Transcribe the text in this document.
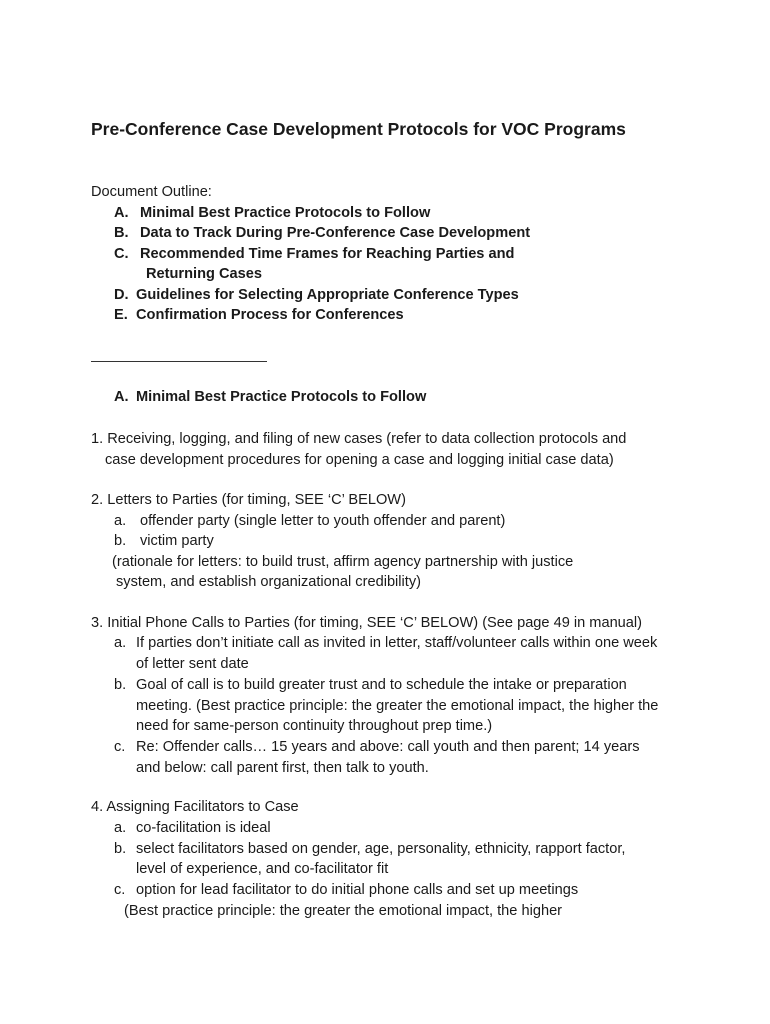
Pre-Conference Case Development Protocols for VOC Programs
Document Outline:
A. Minimal Best Practice Protocols to Follow
B. Data to Track During Pre-Conference Case Development
C. Recommended Time Frames for Reaching Parties and
Returning Cases
D. Guidelines for Selecting Appropriate Conference Types
E. Confirmation Process for Conferences
A. Minimal Best Practice Protocols to Follow
1. Receiving, logging, and filing of new cases (refer to data collection protocols and
case development procedures for opening a case and logging initial case data)
2. Letters to Parties (for timing, SEE ‘C’ BELOW)
a. offender party (single letter to youth offender and parent)
b. victim party
(rationale for letters: to build trust, affirm agency partnership with justice
system, and establish organizational credibility)
3. Initial Phone Calls to Parties (for timing, SEE ‘C’ BELOW) (See page 49 in manual)
a. If parties don’t initiate call as invited in letter, staff/volunteer calls within one week
of letter sent date
b. Goal of call is to build greater trust and to schedule the intake or preparation
meeting. (Best practice principle: the greater the emotional impact, the higher the
need for same-person continuity throughout prep time.)
c. Re: Offender calls… 15 years and above: call youth and then parent; 14 years
and below: call parent first, then talk to youth.
4. Assigning Facilitators to Case
a. co-facilitation is ideal
b. select facilitators based on gender, age, personality, ethnicity, rapport factor,
level of experience, and co-facilitator fit
c. option for lead facilitator to do initial phone calls and set up meetings
(Best practice principle: the greater the emotional impact, the higher
